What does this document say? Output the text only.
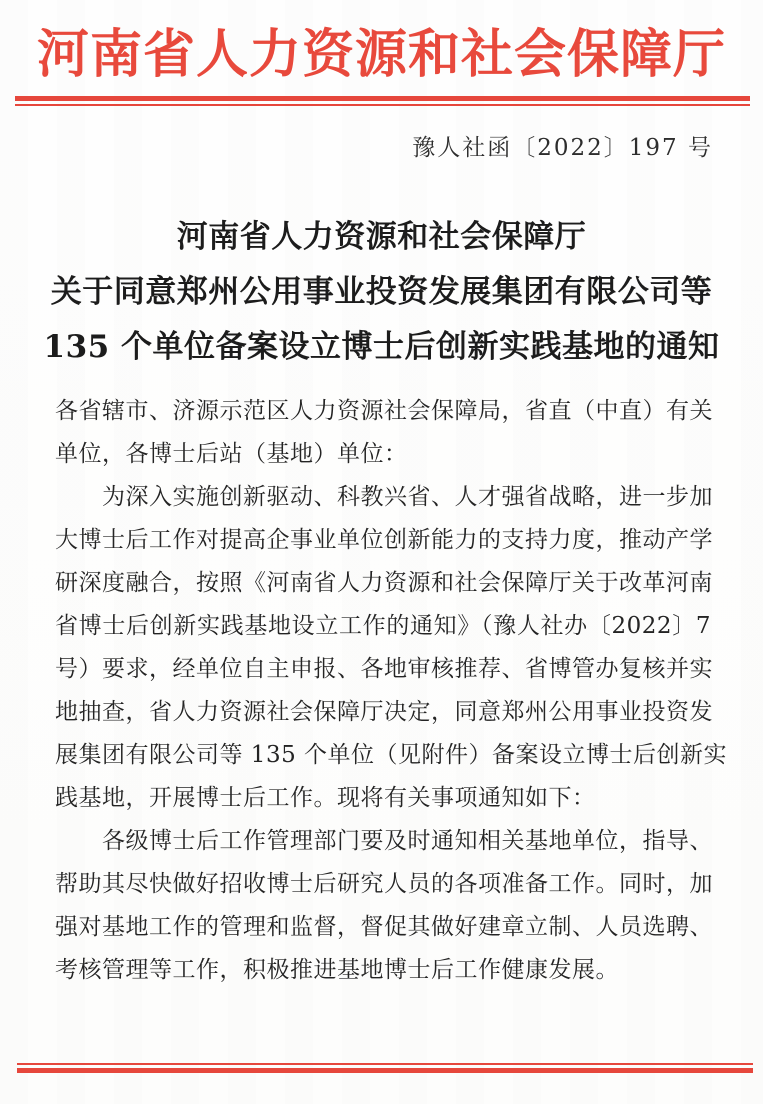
河南省人力资源和社会保障厅
豫人社函〔2022〕197 号
河南省人力资源和社会保障厅
关于同意郑州公用事业投资发展集团有限公司等
135 个单位备案设立博士后创新实践基地的通知
各省辖市、济源示范区人力资源社会保障局，省直（中直）有关
单位，各博士后站（基地）单位：
　　为深入实施创新驱动、科教兴省、人才强省战略，进一步加
大博士后工作对提高企事业单位创新能力的支持力度，推动产学
研深度融合，按照《河南省人力资源和社会保障厅关于改革河南
省博士后创新实践基地设立工作的通知》（豫人社办〔2022〕7
号）要求，经单位自主申报、各地审核推荐、省博管办复核并实
地抽查，省人力资源社会保障厅决定，同意郑州公用事业投资发
展集团有限公司等 135 个单位（见附件）备案设立博士后创新实
践基地，开展博士后工作。现将有关事项通知如下：
　　各级博士后工作管理部门要及时通知相关基地单位，指导、
帮助其尽快做好招收博士后研究人员的各项准备工作。同时，加
强对基地工作的管理和监督，督促其做好建章立制、人员选聘、
考核管理等工作，积极推进基地博士后工作健康发展。
